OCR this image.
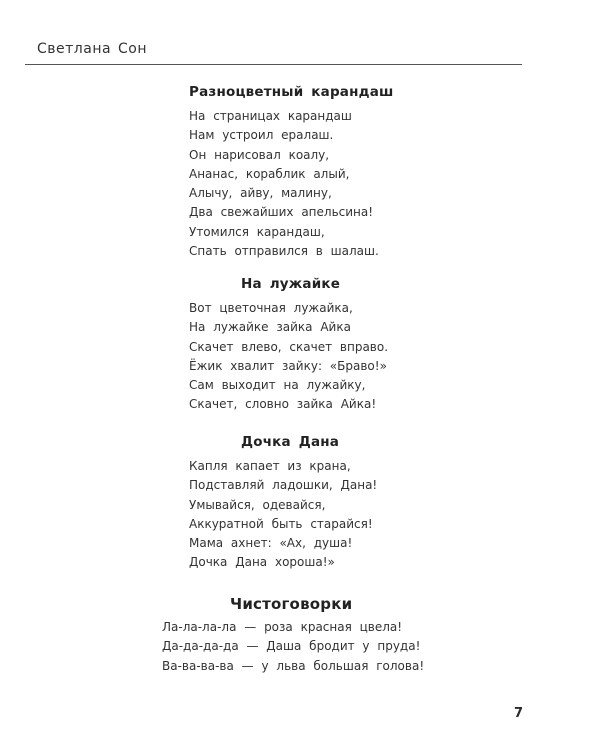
Светлана Сон
Разноцветный карандаш
На страницах карандаш
Нам устроил ералаш.
Он нарисовал коалу,
Ананас, кораблик алый,
Алычу, айву, малину,
Два свежайших апельсина!
Утомился карандаш,
Спать отправился в шалаш.
На лужайке
Вот цветочная лужайка,
На лужайке зайка Айка
Скачет влево, скачет вправо.
Ёжик хвалит зайку: «Браво!»
Сам выходит на лужайку,
Скачет, словно зайка Айка!
Дочка Дана
Капля капает из крана,
Подставляй ладошки, Дана!
Умывайся, одевайся,
Аккуратной быть старайся!
Мама ахнет: «Ах, душа!
Дочка Дана хороша!»
Чистоговорки
Ла-ла-ла-ла — роза красная цвела!
Да-да-да-да — Даша бродит у пруда!
Ва-ва-ва-ва — у льва большая голова!
7
